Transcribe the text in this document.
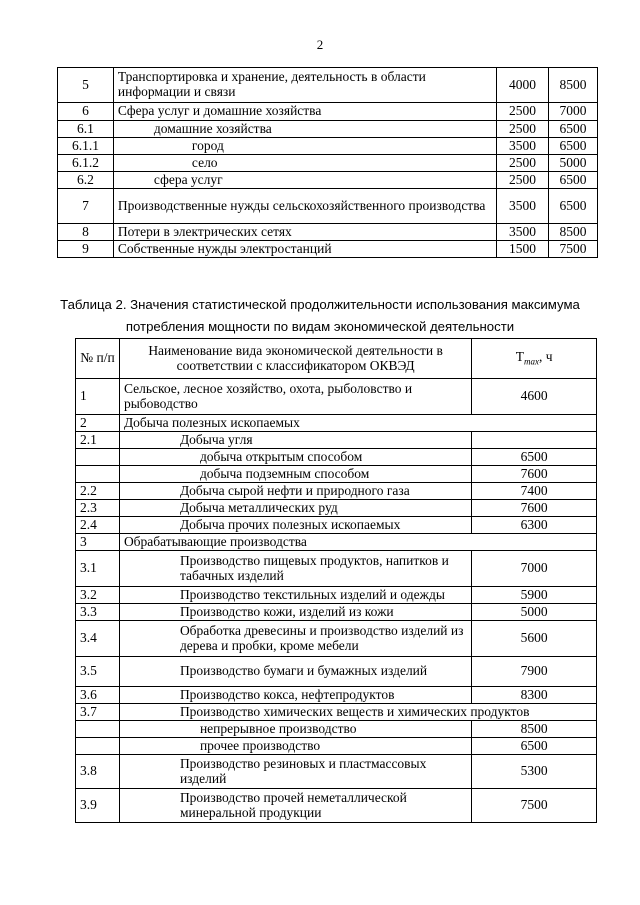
2
5	Транспортировка и хранение, деятельность в области информации и связи	4000	8500
6	Сфера услуг и домашние хозяйства	2500	7000
6.1	домашние хозяйства	2500	6500
6.1.1	город	3500	6500
6.1.2	село	2500	5000
6.2	сфера услуг	2500	6500
7	Производственные нужды сельскохозяйственного производства	3500	6500
8	Потери в электрических сетях	3500	8500
9	Собственные нужды электростанций	1500	7500
Таблица 2. Значения статистической продолжительности использования максимума потребления мощности по видам экономической деятельности
№ п/п	Наименование вида экономической деятельности в соответствии с классификатором ОКВЭД	$T_{max}$, ч
1	Сельское, лесное хозяйство, охота, рыболовство и рыбоводство	4600
2	Добыча полезных ископаемых	
2.1	Добыча угля	
	добыча открытым способом	6500
	добыча подземным способом	7600
2.2	Добыча сырой нефти и природного газа	7400
2.3	Добыча металлических руд	7600
2.4	Добыча прочих полезных ископаемых	6300
3	Обрабатывающие производства	
3.1	Производство пищевых продуктов, напитков и табачных изделий	7000
3.2	Производство текстильных изделий и одежды	5900
3.3	Производство кожи, изделий из кожи	5000
3.4	Обработка древесины и производство изделий из дерева и пробки, кроме мебели	5600
3.5	Производство бумаги и бумажных изделий	7900
3.6	Производство кокса, нефтепродуктов	8300
3.7	Производство химических веществ и химических продуктов	
	непрерывное производство	8500
	прочее производство	6500
3.8	Производство резиновых и пластмассовых изделий	5300
3.9	Производство прочей неметаллической минеральной продукции	7500
